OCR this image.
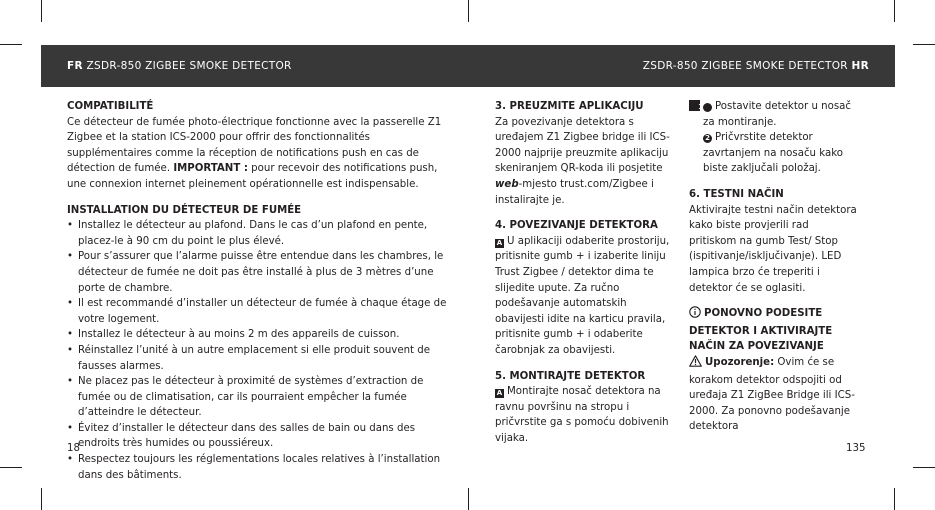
FR ZSDR-850 ZIGBEE SMOKE DETECTOR	ZSDR-850 ZIGBEE SMOKE DETECTOR HR
COMPATIBILITÉ

Ce détecteur de fumée photo-électrique fonctionne avec la passerelle Z1 Zigbee et la station ICS-2000 pour offrir des fonctionnalités supplémentaires comme la réception de notifications push en cas de détection de fumée. IMPORTANT : pour recevoir des notifications push, une connexion internet pleinement opérationnelle est indispensable.

INSTALLATION DU DÉTECTEUR DE FUMÉE
• Installez le détecteur au plafond. Dans le cas d’un plafond en pente, placez-le à 90 cm du point le plus élevé.
• Pour s’assurer que l’alarme puisse être entendue dans les chambres, le détecteur de fumée ne doit pas être installé à plus de 3 mètres d’une porte de chambre.
• Il est recommandé d’installer un détecteur de fumée à chaque étage de votre logement.
• Installez le détecteur à au moins 2 m des appareils de cuisson.
• Réinstallez l’unité à un autre emplacement si elle produit souvent de fausses alarmes.
• Ne placez pas le détecteur à proximité de systèmes d’extraction de fumée ou de climatisation, car ils pourraient empêcher la fumée d’atteindre le détecteur.
• Évitez d’installer le détecteur dans des salles de bain ou dans des endroits très humides ou poussiéreux.
• Respectez toujours les réglementations locales relatives à l’installation dans des bâtiments.
3. PREUZMITE APLIKACIJU

Za povezivanje detektora s uređajem Z1 Zigbee bridge ili ICS-2000 najprije preuzmite aplikaciju skeniranjem QR-koda ili posjetite web-mjesto trust.com/Zigbee i instalirajte je.

4. POVEZIVANJE DETEKTORA

A U aplikaciji odaberite prostoriju, pritisnite gumb + i izaberite liniju Trust Zigbee / detektor dima te slijedite upute. Za ručno podešavanje automatskih obavijesti idite na karticu pravila, pritisnite gumb + i odaberite čarobnjak za obavijesti.

5. MONTIRAJTE DETEKTOR

A Montirajte nosač detektora na ravnu površinu na stropu i pričvrstite ga s pomoću dobivenih vijaka.

1 Postavite detektor u nosač za montiranje.

2 Pričvrstite detektor zavrtanjem na nosaču kako biste zaključali položaj.

6. TESTNI NAČIN

Aktivirajte testni način detektora kako biste provjerili rad pritiskom na gumb Test/ Stop (ispitivanje/isključivanje). LED lampica brzo će treperiti i detektor će se oglasiti.

PONOVNO PODESITE DETEKTOR I AKTIVIRAJTE NAČIN ZA POVEZIVANJE

Upozorenje: Ovim će se korakom detektor odspojiti od uređaja Z1 ZigBee Bridge ili ICS-2000. Za ponovno podešavanje detektora

18	135
